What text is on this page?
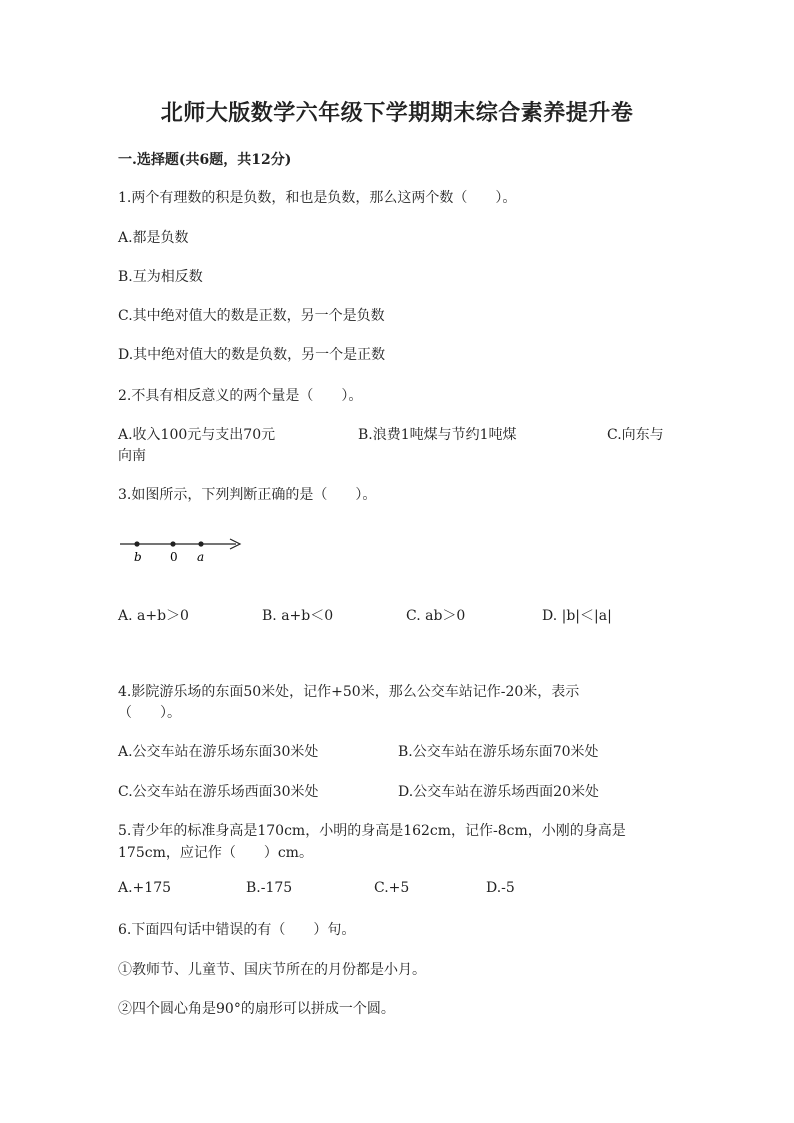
北师大版数学六年级下学期期末综合素养提升卷
一.选择题(共6题，共12分)
1.两个有理数的积是负数，和也是负数，那么这两个数（　　）。
A.都是负数
B.互为相反数
C.其中绝对值大的数是正数，另一个是负数
D.其中绝对值大的数是负数，另一个是正数
2.不具有相反意义的两个量是（　　）。
A.收入100元与支出70元	B.浪费1吨煤与节约1吨煤	C.向东与
向南
3.如图所示，下列判断正确的是（　　）。
b 0 a
A. a+b＞0	B. a+b＜0	C. ab＞0	D. |b|＜|a|
4.影院游乐场的东面50米处，记作+50米，那么公交车站记作-20米，表示
（　　）。
A.公交车站在游乐场东面30米处	B.公交车站在游乐场东面70米处
C.公交车站在游乐场西面30米处	D.公交车站在游乐场西面20米处
5.青少年的标准身高是170cm，小明的身高是162cm，记作-8cm，小刚的身高是
175cm，应记作（　　）cm。
A.+175	B.-175	C.+5	D.-5
6.下面四句话中错误的有（　　）句。
①教师节、儿童节、国庆节所在的月份都是小月。
②四个圆心角是90°的扇形可以拼成一个圆。
